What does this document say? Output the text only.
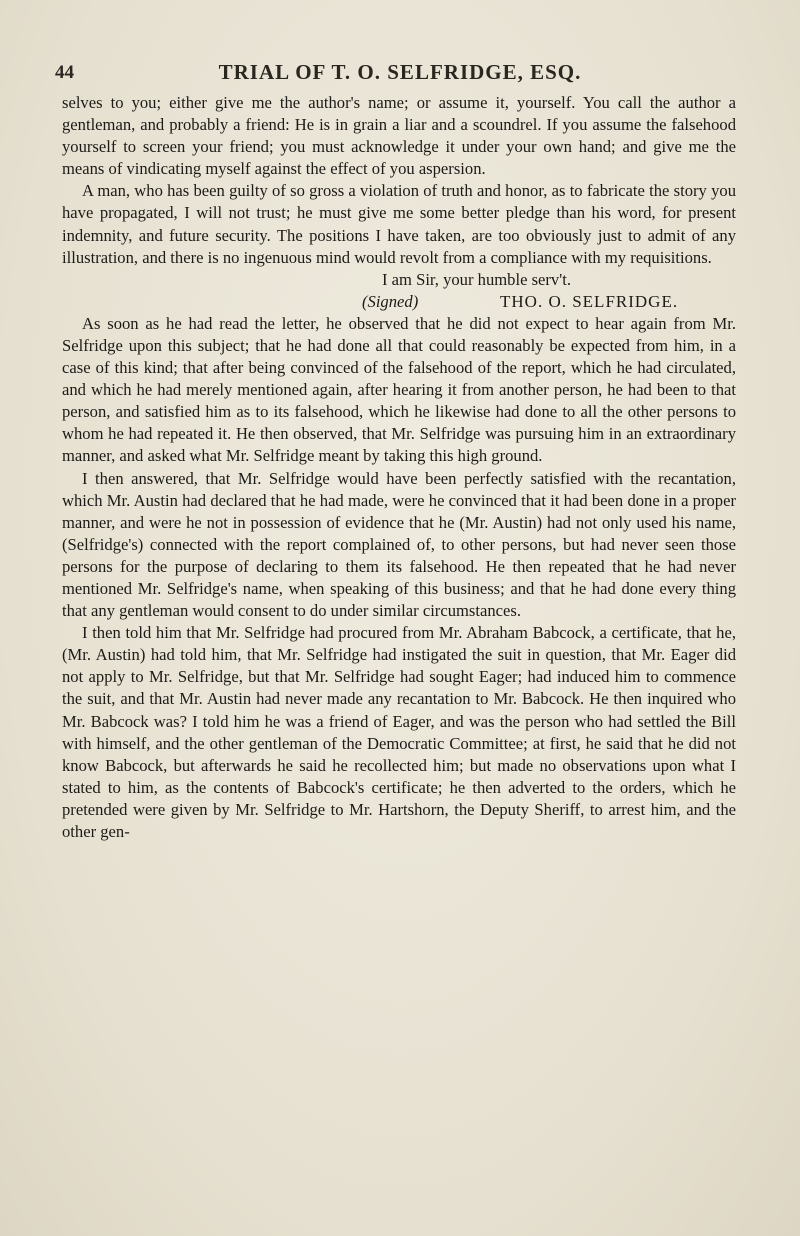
44	TRIAL OF T. O. SELFRIDGE, ESQ.

selves to you; either give me the author's name; or assume it, yourself. You call the author a gentleman, and probably a friend: He is in grain a liar and a scoundrel. If you assume the falsehood yourself to screen your friend; you must acknowledge it under your own hand; and give me the means of vindicating myself against the effect of you aspersion.

A man, who has been guilty of so gross a violation of truth and honor, as to fabricate the story you have propagated, I will not trust; he must give me some better pledge than his word, for present indemnity, and future security. The positions I have taken, are too obviously just to admit of any illustration, and there is no ingenuous mind would revolt from a compliance with my requisitions.

I am Sir, your humble serv't.

(Signed)	THO. O. SELFRIDGE.

As soon as he had read the letter, he observed that he did not expect to hear again from Mr. Selfridge upon this subject; that he had done all that could reasonably be expected from him, in a case of this kind; that after being convinced of the falsehood of the report, which he had circulated, and which he had merely mentioned again, after hearing it from another person, he had been to that person, and satisfied him as to its falsehood, which he likewise had done to all the other persons to whom he had repeated it. He then observed, that Mr. Selfridge was pursuing him in an extraordinary manner, and asked what Mr. Selfridge meant by taking this high ground.

I then answered, that Mr. Selfridge would have been perfectly satisfied with the recantation, which Mr. Austin had declared that he had made, were he convinced that it had been done in a proper manner, and were he not in possession of evidence that he (Mr. Austin) had not only used his name, (Selfridge's) connected with the report complained of, to other persons, but had never seen those persons for the purpose of declaring to them its falsehood. He then repeated that he had never mentioned Mr. Selfridge's name, when speaking of this business; and that he had done every thing that any gentleman would consent to do under similar circumstances.

I then told him that Mr. Selfridge had procured from Mr. Abraham Babcock, a certificate, that he, (Mr. Austin) had told him, that Mr. Selfridge had instigated the suit in question, that Mr. Eager did not apply to Mr. Selfridge, but that Mr. Selfridge had sought Eager; had induced him to commence the suit, and that Mr. Austin had never made any recantation to Mr. Babcock. He then inquired who Mr. Babcock was? I told him he was a friend of Eager, and was the person who had settled the Bill with himself, and the other gentleman of the Democratic Committee; at first, he said that he did not know Babcock, but afterwards he said he recollected him; but made no observations upon what I stated to him, as the contents of Babcock's certificate; he then adverted to the orders, which he pretended were given by Mr. Selfridge to Mr. Hartshorn, the Deputy Sheriff, to arrest him, and the other gen-
